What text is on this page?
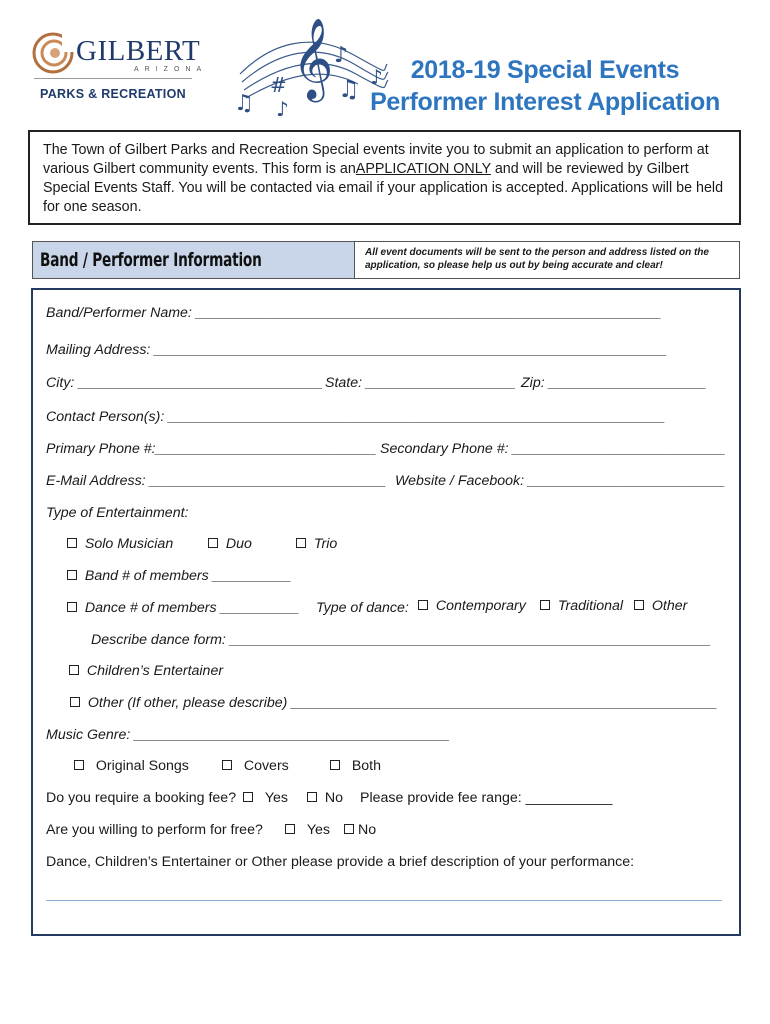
GILBERT
ARIZONA
PARKS & RECREATION 𝄞
#
♪
♫
♫ ♪
♪	2018-19 Special Events
Performer Interest Application
The Town of Gilbert Parks and Recreation Special events invite you to submit an application to perform at various Gilbert community events. This form is anAPPLICATION ONLY and will be reviewed by Gilbert Special Events Staff. You will be contacted via email if your application is accepted. Applications will be held for one season.
Band / Performer Information	All event documents will be sent to the person and address listed on the application, so please help us out by being accurate and clear!
Band/Performer Name: ___________________________________________________________
Mailing Address: _________________________________________________________________
City: _______________________________ State: ___________________ Zip: ____________________
Contact Person(s): _______________________________________________________________
Primary Phone #:____________________________ Secondary Phone #: ___________________________
E-Mail Address: ______________________________ Website / Facebook: _________________________
Type of Entertainment:
Solo Musician	Duo	Trio
Band # of members __________
Dance # of members __________ Type of dance:	Contemporary	Traditional	Other
Describe dance form: _____________________________________________________________
Children’s Entertainer
Other (If other, please describe) ______________________________________________________
Music Genre: ________________________________________
Original Songs	Covers	Both
Do you require a booking fee?	Yes	No Please provide fee range: ___________
Are you willing to perform for free?	Yes	No
Dance, Children’s Entertainer or Other please provide a brief description of your performance:
